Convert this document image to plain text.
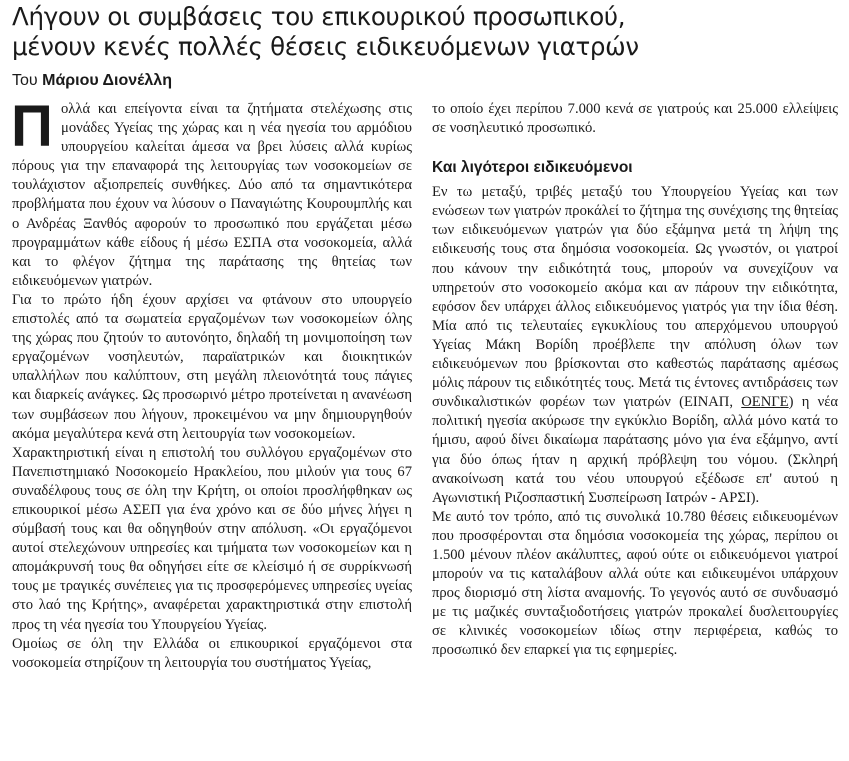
Λήγουν οι συμβάσεις του επικουρικού προσωπικού,
μένουν κενές πολλές θέσεις ειδικευόμενων γιατρών
Του Μάριου Διονέλλη
Π ολλά και επείγοντα είναι τα ζητήματα στελέχωσης στις μονάδες Υγείας της χώρας και η νέα ηγεσία του αρμόδιου υπουργείου καλείται άμεσα να βρει λύσεις αλλά κυρίως πόρους για την επαναφορά της λειτουργίας των νοσοκομείων σε τουλάχιστον αξιοπρεπείς συνθήκες. Δύο από τα σημαντικότερα προβλήματα που έχουν να λύσουν ο Παναγιώτης Κουρουμπλής και ο Ανδρέας Ξανθός αφορούν το προσωπικό που εργάζεται μέσω προγραμμάτων κάθε είδους ή μέσω ΕΣΠΑ στα νοσοκομεία, αλλά και το φλέγον ζήτημα της παράτασης της θητείας των ειδικευόμενων γιατρών.

Για το πρώτο ήδη έχουν αρχίσει να φτάνουν στο υπουργείο επιστολές από τα σωματεία εργαζομένων των νοσοκομείων όλης της χώρας που ζητούν το αυτονόητο, δηλαδή τη μονιμοποίηση των εργαζομένων νοσηλευτών, παραϊατρικών και διοικητικών υπαλλήλων που καλύπτουν, στη μεγάλη πλειονότητά τους πάγιες και διαρκείς ανάγκες. Ως προσωρινό μέτρο προτείνεται η ανανέωση των συμβάσεων που λήγουν, προκειμένου να μην δημιουργηθούν ακόμα μεγαλύτερα κενά στη λειτουργία των νοσοκομείων.

Χαρακτηριστική είναι η επιστολή του συλλόγου εργαζομένων στο Πανεπιστημιακό Νοσοκομείο Ηρακλείου, που μιλούν για τους 67 συναδέλφους τους σε όλη την Κρήτη, οι οποίοι προσλήφθηκαν ως επικουρικοί μέσω ΑΣΕΠ για ένα χρόνο και σε δύο μήνες λήγει η σύμβασή τους και θα οδηγηθούν στην απόλυση. «Οι εργαζόμενοι αυτοί στελεχώνουν υπηρεσίες και τμήματα των νοσοκομείων και η απομάκρυνσή τους θα οδηγήσει είτε σε κλείσιμό ή σε συρρίκνωσή τους με τραγικές συνέπειες για τις προσφερόμενες υπηρεσίες υγείας στο λαό της Κρήτης», αναφέρεται χαρακτηριστικά στην επιστολή προς τη νέα ηγεσία του Υπουργείου Υγείας.

Ομοίως σε όλη την Ελλάδα οι επικουρικοί εργαζόμενοι στα νοσοκομεία στηρίζουν τη λειτουργία του συστήματος Υγείας,

το οποίο έχει περίπου 7.000 κενά σε γιατρούς και 25.000 ελλείψεις σε νοσηλευτικό προσωπικό.

Και λιγότεροι ειδικευόμενοι

Εν τω μεταξύ, τριβές μεταξύ του Υπουργείου Υγείας και των ενώσεων των γιατρών προκάλεί το ζήτημα της συνέχισης της θητείας των ειδικευόμενων γιατρών για δύο εξάμηνα μετά τη λήψη της ειδικευσής τους στα δημόσια νοσοκομεία. Ως γνωστόν, οι γιατροί που κάνουν την ειδικότητά τους, μπορούν να συνεχίζουν να υπηρετούν στο νοσοκομείο ακόμα και αν πάρουν την ειδικότητα, εφόσον δεν υπάρχει άλλος ειδικευόμενος γιατρός για την ίδια θέση. Μία από τις τελευταίες εγκυκλίους του απερχόμενου υπουργού Υγείας Μάκη Βορίδη προέβλεπε την απόλυση όλων των ειδικευόμενων που βρίσκονται στο καθεστώς παράτασης αμέσως μόλις πάρουν τις ειδικότητές τους. Μετά τις έντονες αντιδράσεις των συνδικαλιστικών φορέων των γιατρών (ΕΙΝΑΠ, ΟΕΝΓΕ) η νέα πολιτική ηγεσία ακύρωσε την εγκύκλιο Βορίδη, αλλά μόνο κατά το ήμισυ, αφού δίνει δικαίωμα παράτασης μόνο για ένα εξάμηνο, αντί για δύο όπως ήταν η αρχική πρόβλεψη του νόμου. (Σκληρή ανακοίνωση κατά του νέου υπουργού εξέδωσε επ' αυτού η Αγωνιστική Ριζοσπαστική Συσπείρωση Ιατρών - ΑΡΣΙ).

Με αυτό τον τρόπο, από τις συνολικά 10.780 θέσεις ειδικευομένων που προσφέρονται στα δημόσια νοσοκομεία της χώρας, περίπου οι 1.500 μένουν πλέον ακάλυπτες, αφού ούτε οι ειδικευόμενοι γιατροί μπορούν να τις καταλάβουν αλλά ούτε και ειδικευμένοι υπάρχουν προς διορισμό στη λίστα αναμονής. Το γεγονός αυτό σε συνδυασμό με τις μαζικές συνταξιοδοτήσεις γιατρών προκαλεί δυσλειτουργίες σε κλινικές νοσοκομείων ιδίως στην περιφέρεια, καθώς το προσωπικό δεν επαρκεί για τις εφημερίες.
